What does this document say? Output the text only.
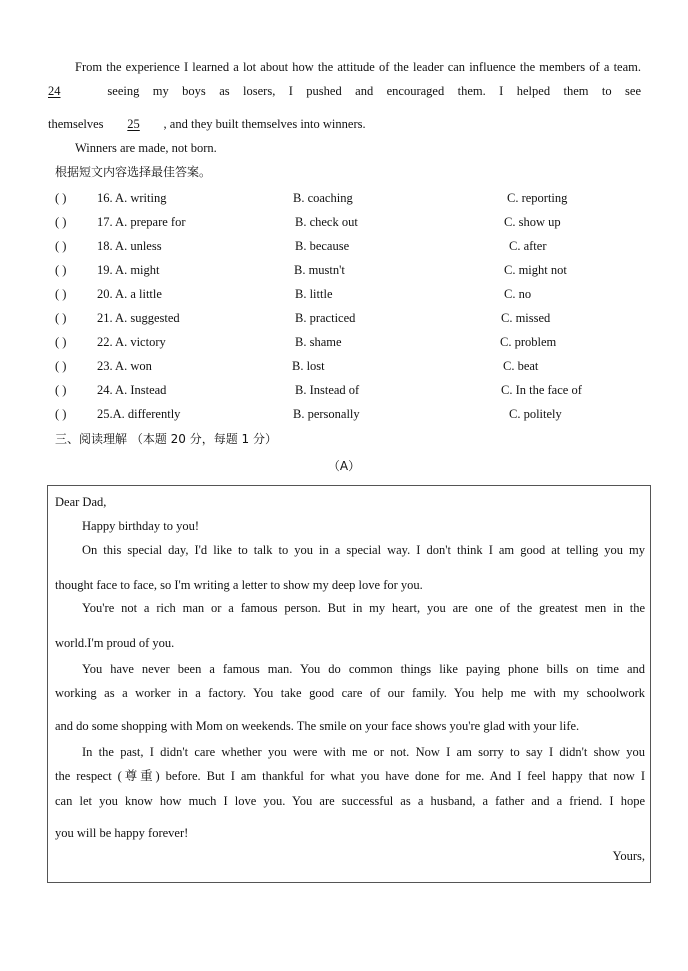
From the experience I learned a lot about how the attitude of the leader can influence the members of a team.
24	seeing my boys as losers, I pushed and encouraged them. I helped them to see
themselves 25 , and they built themselves into winners.
Winners are made, not born.
根据短文内容选择最佳答案。
( ) 16. A. writing	B. coaching	C. reporting
( ) 17. A. prepare for	B. check out	C. show up
( ) 18. A. unless	B. because	C. after
( ) 19. A. might	B. mustn't	C. might not
( ) 20. A. a little	B. little	C. no
( ) 21. A. suggested	B. practiced	C. missed
( ) 22. A. victory	B. shame	C. problem
( ) 23. A. won	B. lost	C. beat
( ) 24. A. Instead	B. Instead of	C. In the face of
( ) 25.A. differently	B. personally	C. politely
三、阅读理解 （本题 20 分，每题 1 分）
（A）
Dear Dad,
Happy birthday to you!
On this special day, I'd like to talk to you in a special way. I don't think I am good at telling you my
thought face to face, so I'm writing a letter to show my deep love for you.
You're not a rich man or a famous person. But in my heart, you are one of the greatest men in the
world.I'm proud of you.
You have never been a famous man. You do common things like paying phone bills on time and
working as a worker in a factory. You take good care of our family. You help me with my schoolwork
and do some shopping with Mom on weekends. The smile on your face shows you're glad with your life.
In the past, I didn't care whether you were with me or not. Now I am sorry to say I didn't show you
the respect (尊重) before. But I am thankful for what you have done for me. And I feel happy that now I
can let you know how much I love you. You are successful as a husband, a father and a friend. I hope
you will be happy forever!
Yours,
